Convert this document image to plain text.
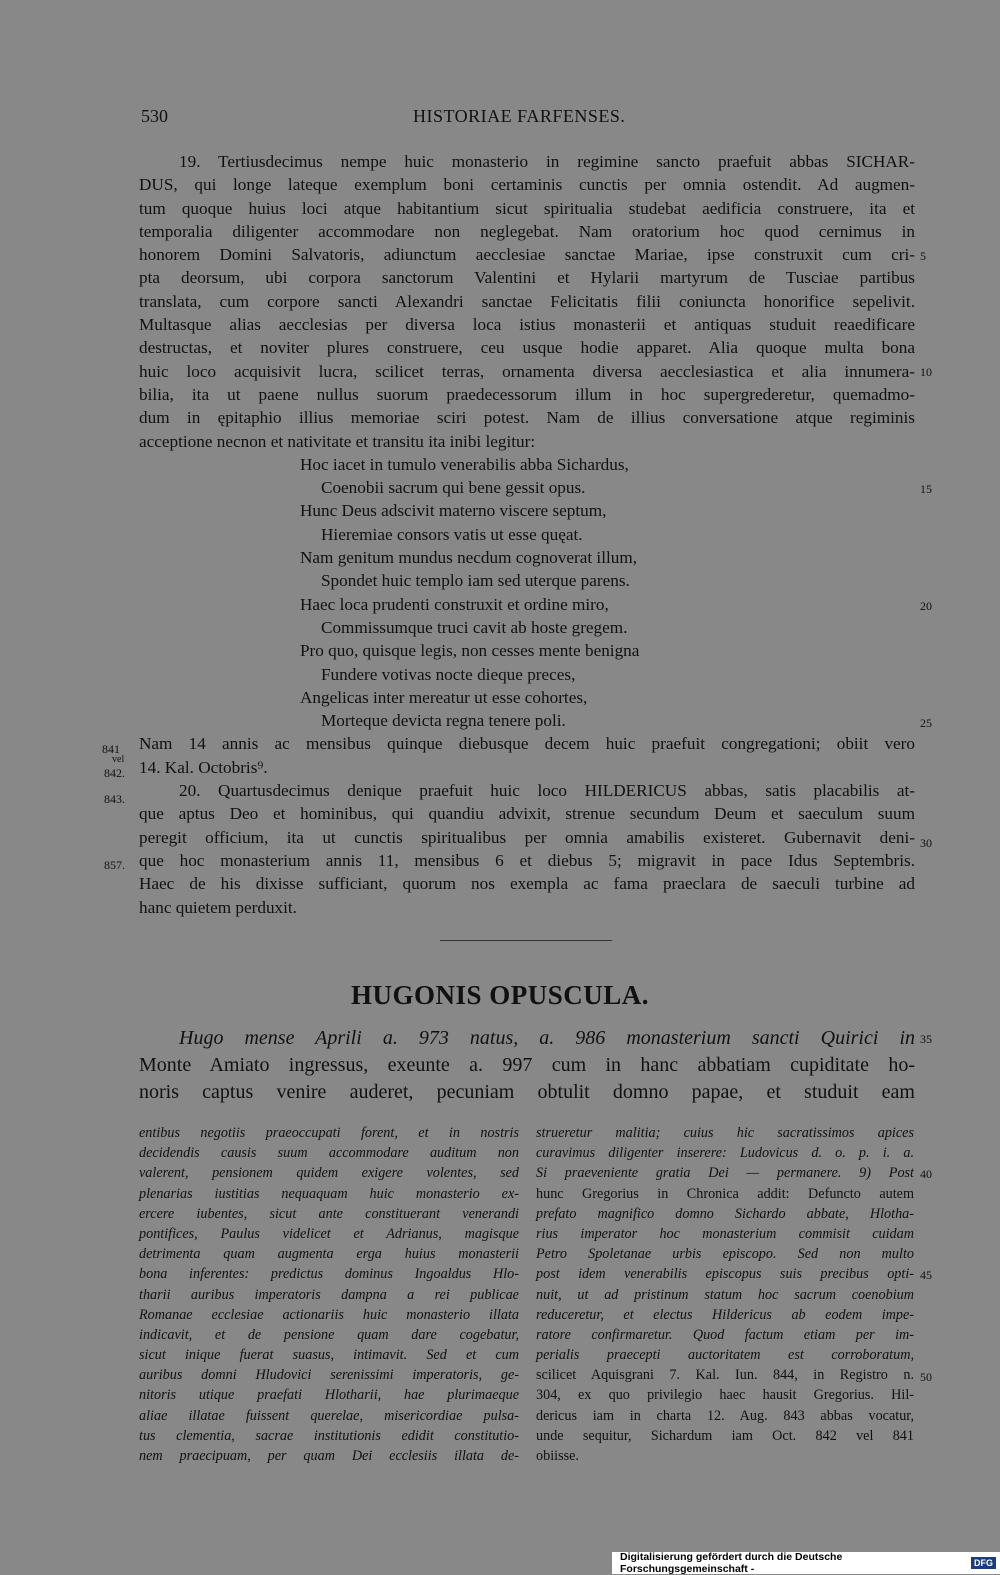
530	HISTORIAE FARFENSES.
19. Tertiusdecimus nempe huic monasterio in regimine sancto praefuit abbas SICHAR-
DUS, qui longe lateque exemplum boni certaminis cunctis per omnia ostendit. Ad augmen-
tum quoque huius loci atque habitantium sicut spiritualia studebat aedificia construere, ita et
temporalia diligenter accommodare non neglegebat. Nam oratorium hoc quod cernimus in
honorem Domini Salvatoris, adiunctum aecclesiae sanctae Mariae, ipse construxit cum cri-
pta deorsum, ubi corpora sanctorum Valentini et Hylarii martyrum de Tusciae partibus
translata, cum corpore sancti Alexandri sanctae Felicitatis filii coniuncta honorifice sepelivit.
Multasque alias aecclesias per diversa loca istius monasterii et antiquas studuit reaedificare
destructas, et noviter plures construere, ceu usque hodie apparet. Alia quoque multa bona
huic loco acquisivit lucra, scilicet terras, ornamenta diversa aecclesiastica et alia innumera-
bilia, ita ut paene nullus suorum praedecessorum illum in hoc supergrederetur, quemadmo-
dum in ępitaphio illius memoriae sciri potest. Nam de illius conversatione atque regiminis
acceptione necnon et nativitate et transitu ita inibi legitur:
Hoc iacet in tumulo venerabilis abba Sichardus,
Coenobii sacrum qui bene gessit opus.
Hunc Deus adscivit materno viscere septum,
Hieremiae consors vatis ut esse quęat.
Nam genitum mundus necdum cognoverat illum,
Spondet huic templo iam sed uterque parens.
Haec loca prudenti construxit et ordine miro,
Commissumque truci cavit ab hoste gregem.
Pro quo, quisque legis, non cesses mente benigna
Fundere votivas nocte dieque preces,
Angelicas inter mereatur ut esse cohortes,
Morteque devicta regna tenere poli.
Nam 14 annis ac mensibus quinque diebusque decem huic praefuit congregationi; obiit vero
14. Kal. Octobris⁹.
20. Quartusdecimus denique praefuit huic loco HILDERICUS abbas, satis placabilis at-
que aptus Deo et hominibus, qui quandiu advixit, strenue secundum Deum et saeculum suum
peregit officium, ita ut cunctis spiritualibus per omnia amabilis existeret. Gubernavit deni-
que hoc monasterium annis 11, mensibus 6 et diebus 5; migravit in pace Idus Septembris.
Haec de his dixisse sufficiant, quorum nos exempla ac fama praeclara de saeculi turbine ad
hanc quietem perduxit.
841
vel
842.
843.
857.
5
10
15
20
25
30
35
40
45
50
HUGONIS OPUSCULA.
Hugo mense Aprili a. 973 natus, a. 986 monasterium sancti Quirici in
Monte Amiato ingressus, exeunte a. 997 cum in hanc abbatiam cupiditate ho-
noris captus venire auderet, pecuniam obtulit domno papae, et studuit eam
entibus negotiis praeoccupati forent, et in nostris
decidendis causis suum accommodare auditum non
valerent, pensionem quidem exigere volentes, sed
plenarias iustitias nequaquam huic monasterio ex-
ercere iubentes, sicut ante constituerant venerandi
pontifices, Paulus videlicet et Adrianus, magisque
detrimenta quam augmenta erga huius monasterii
bona inferentes: predictus dominus Ingoaldus Hlo-
tharii auribus imperatoris dampna a rei publicae
Romanae ecclesiae actionariis huic monasterio illata
indicavit, et de pensione quam dare cogebatur,
sicut inique fuerat suasus, intimavit. Sed et cum
auribus domni Hludovici serenissimi imperatoris, ge-
nitoris utique praefati Hlotharii, hae plurimaeque
aliae illatae fuissent querelae, misericordiae pulsa-
tus clementia, sacrae institutionis edidit constitutio-
nem praecipuam, per quam Dei ecclesiis illata de-
strueretur malitia; cuius hic sacratissimos apices
curavimus diligenter inserere: Ludovicus d. o. p. i. a.
Si praeveniente gratia Dei — permanere. 9) Post
hunc Gregorius in Chronica addit: Defuncto autem
prefato magnifico domno Sichardo abbate, Hlotha-
rius imperator hoc monasterium commisit cuidam
Petro Spoletanae urbis episcopo. Sed non multo
post idem venerabilis episcopus suis precibus opti-
nuit, ut ad pristinum statum hoc sacrum coenobium
reduceretur, et electus Hildericus ab eodem impe-
ratore confirmaretur. Quod factum etiam per im-
perialis praecepti auctoritatem est corroboratum,
scilicet Aquisgrani 7. Kal. Iun. 844, in Registro n.
304, ex quo privilegio haec hausit Gregorius. Hil-
dericus iam in charta 12. Aug. 843 abbas vocatur,
unde sequitur, Sichardum iam Oct. 842 vel 841
obiisse.
Digitalisierung gefördert durch die Deutsche Forschungsgemeinschaft -	DFG
